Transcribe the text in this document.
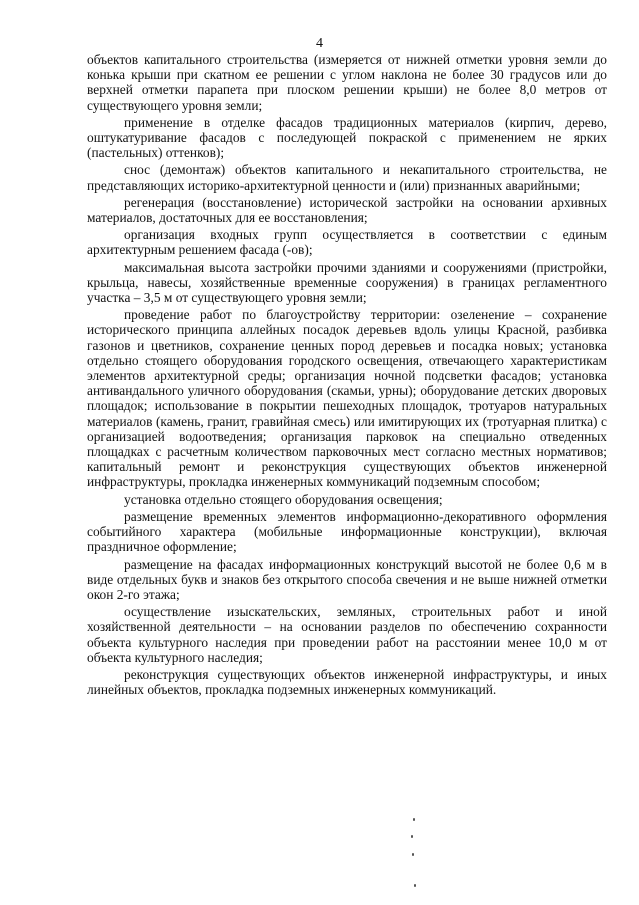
4

объектов капитального строительства (измеряется от нижней отметки уровня земли до конька крыши при скатном ее решении с углом наклона не более 30 градусов или до верхней отметки парапета при плоском решении крыши) не более 8,0 метров от существующего уровня земли;

применение в отделке фасадов традиционных материалов (кирпич, дерево, оштукатуривание фасадов с последующей покраской с применением не ярких (пастельных) оттенков);

снос (демонтаж) объектов капитального и некапитального строительства, не представляющих историко-архитектурной ценности и (или) признанных аварийными;

регенерация (восстановление) исторической застройки на основании архивных материалов, достаточных для ее восстановления;

организация входных групп осуществляется в соответствии с единым архитектурным решением фасада (-ов);

максимальная высота застройки прочими зданиями и сооружениями (пристройки, крыльца, навесы, хозяйственные временные сооружения) в границах регламентного участка – 3,5 м от существующего уровня земли;

проведение работ по благоустройству территории: озеленение – сохранение исторического принципа аллейных посадок деревьев вдоль улицы Красной, разбивка газонов и цветников, сохранение ценных пород деревьев и посадка новых; установка отдельно стоящего оборудования городского освещения, отвечающего характеристикам элементов архитектурной среды; организация ночной подсветки фасадов; установка антивандального уличного оборудования (скамьи, урны); оборудование детских дворовых площадок; использование в покрытии пешеходных площадок, тротуаров натуральных материалов (камень, гранит, гравийная смесь) или имитирующих их (тротуарная плитка) с организацией водоотведения; организация парковок на специально отведенных площадках с расчетным количеством парковочных мест согласно местных нормативов; капитальный ремонт и реконструкция существующих объектов инженерной инфраструктуры, прокладка инженерных коммуникаций подземным способом;

установка отдельно стоящего оборудования освещения;

размещение временных элементов информационно-декоративного оформления событийного характера (мобильные информационные конструкции), включая праздничное оформление;

размещение на фасадах информационных конструкций высотой не более 0,6 м в виде отдельных букв и знаков без открытого способа свечения и не выше нижней отметки окон 2-го этажа;

осуществление изыскательских, земляных, строительных работ и иной хозяйственной деятельности – на основании разделов по обеспечению сохранности объекта культурного наследия при проведении работ на расстоянии менее 10,0 м от объекта культурного наследия;

реконструкция существующих объектов инженерной инфраструктуры, и иных линейных объектов, прокладка подземных инженерных коммуникаций.
